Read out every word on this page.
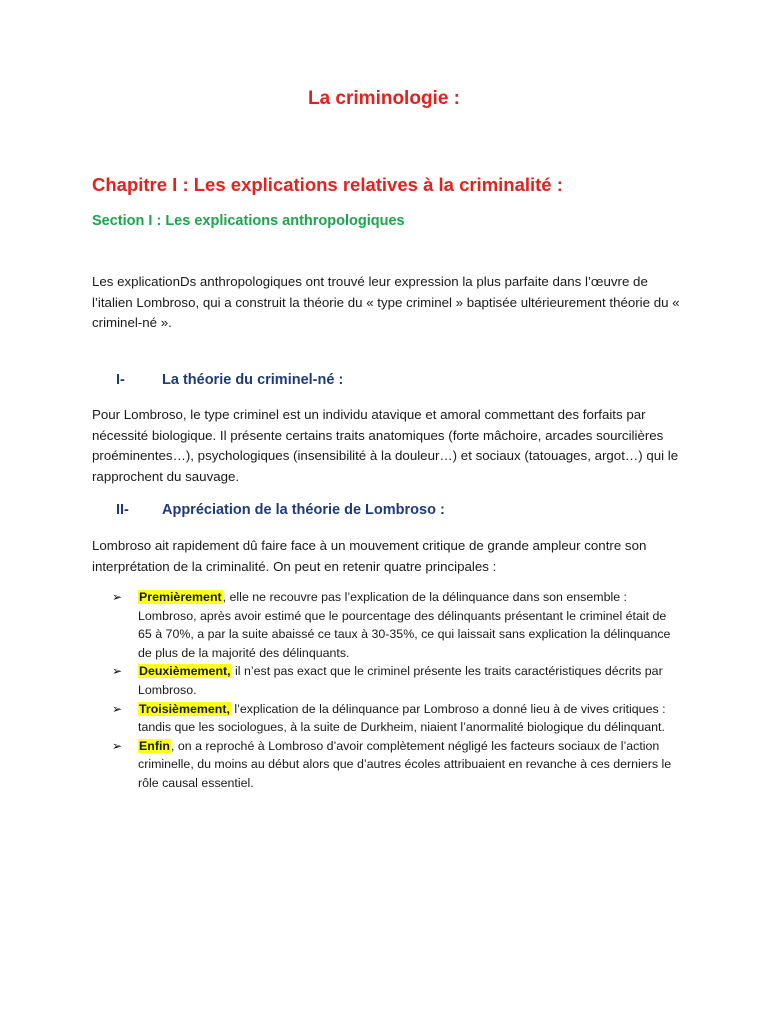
La criminologie :
Chapitre I : Les explications relatives à la criminalité :
Section I : Les explications anthropologiques
Les explicationDs anthropologiques ont trouvé leur expression la plus parfaite dans l’œuvre de l’italien Lombroso, qui a construit la théorie du « type criminel » baptisée ultérieurement théorie du « criminel-né ».
I-	La théorie du criminel-né :
Pour Lombroso, le type criminel est un individu atavique et amoral commettant des forfaits par nécessité biologique. Il présente certains traits anatomiques (forte mâchoire, arcades sourcilières proéminentes…), psychologiques (insensibilité à la douleur…) et sociaux (tatouages, argot…) qui le rapprochent du sauvage.
II- Appréciation de la théorie de Lombroso :
Lombroso ait rapidement dû faire face à un mouvement critique de grande ampleur contre son interprétation de la criminalité. On peut en retenir quatre principales :
➢ Premièrement, elle ne recouvre pas l’explication de la délinquance dans son ensemble : Lombroso, après avoir estimé que le pourcentage des délinquants présentant le criminel était de 65 à 70%, a par la suite abaissé ce taux à 30-35%, ce qui laissait sans explication la délinquance de plus de la majorité des délinquants.
➢ Deuxièmement, il n’est pas exact que le criminel présente les traits caractéristiques décrits par Lombroso.
➢ Troisièmement, l’explication de la délinquance par Lombroso a donné lieu à de vives critiques : tandis que les sociologues, à la suite de Durkheim, niaient l’anormalité biologique du délinquant.
➢ Enfin, on a reproché à Lombroso d’avoir complètement négligé les facteurs sociaux de l’action criminelle, du moins au début alors que d’autres écoles attribuaient en revanche à ces derniers le rôle causal essentiel.
